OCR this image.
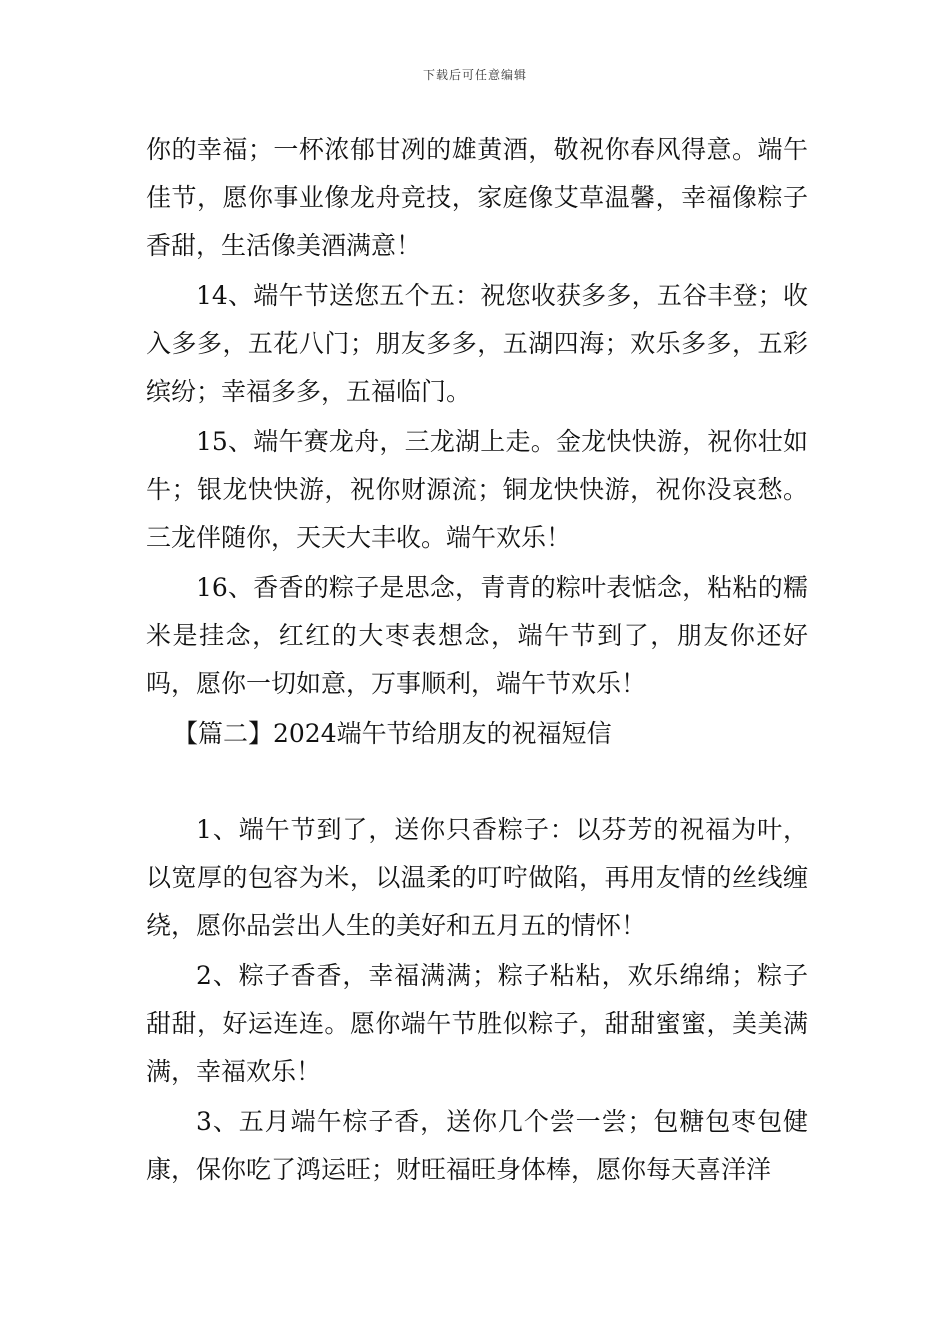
下载后可任意编辑

你的幸福；一杯浓郁甘冽的雄黄酒，敬祝你春风得意。端午佳节，愿你事业像龙舟竞技，家庭像艾草温馨，幸福像粽子香甜，生活像美酒满意！

14、端午节送您五个五：祝您收获多多，五谷丰登；收入多多，五花八门；朋友多多，五湖四海；欢乐多多，五彩缤纷；幸福多多，五福临门。

15、端午赛龙舟，三龙湖上走。金龙快快游，祝你壮如牛；银龙快快游，祝你财源流；铜龙快快游，祝你没哀愁。三龙伴随你，天天大丰收。端午欢乐！

16、香香的粽子是思念，青青的粽叶表惦念，粘粘的糯米是挂念，红红的大枣表想念，端午节到了，朋友你还好吗，愿你一切如意，万事顺利，端午节欢乐！

【篇二】2024端午节给朋友的祝福短信

1、端午节到了，送你只香粽子：以芬芳的祝福为叶，以宽厚的包容为米，以温柔的叮咛做陷，再用友情的丝线缠绕，愿你品尝出人生的美好和五月五的情怀！

2、粽子香香，幸福满满；粽子粘粘，欢乐绵绵；粽子甜甜，好运连连。愿你端午节胜似粽子，甜甜蜜蜜，美美满满，幸福欢乐！

3、五月端午棕子香，送你几个尝一尝；包糖包枣包健康，保你吃了鸿运旺；财旺福旺身体棒，愿你每天喜洋洋
